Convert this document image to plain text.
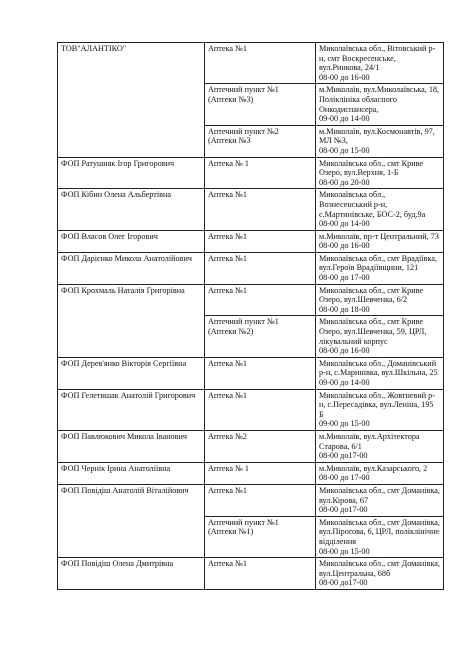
ТОВ"АЛАНТІКО"	Аптека №1	Миколаївська обл., Вітовський р-н, смт Воскресенське,
вул.Ринкова, 24/1
08-00 до 16-00
	Аптечний пункт №1
(Аптеки №3)	м.Миколаїв, вул.Миколаївська, 18, Поліклініка обласного Онкодиспансера,
09-00 до 14-00
	Аптечний пункт №2
(Аптеки №3	м.Миколаїв, вул.Космонавтів, 97, МЛ №3,
08-00 до 15-00
ФОП Ратушняк Ігор Григорович	Аптека № 1	Миколаївська обл., смт Криве Озеро, вул.Верхня, 1-Б
08-00 до 20-00
ФОП Кібин Олена Альбертівна	Аптека №1	Миколаївська обл., Вознесенський р-н, с.Мартинівське, БОС-2, буд.9а
08-00 до 14-00
ФОП Власов Олег Ігорович	Аптека №1	м.Миколаїв, пр-т Центральний, 73
08-00 до 16-00
ФОП Дарієнко Микола Анатолійович	Аптека №1	Миколаївська обл., смт Врадіївка, вул.Героїв Врадіївщини, 121
08-00 до 17-00
ФОП Крохмаль Наталія Григорівна	Аптека №1	Миколаївська обл., смт Криве Озеро, вул.Шевченка, 6/2
08-00 до 18-00
	Аптечний пункт №1
(Аптеки №2)	Миколаївська обл., смт Криве Озеро, вул.Шевченка, 59, ЦРЛ, лікувальний корпус
08-00 до 16-00
ФОП Дерев'янко Вікторія Сергіївна	Аптека №1	Миколаївська обл., Доманівський р-н, с.Маринівка, вул.Шкільна, 25
09-00 до 14-00
ФОП Гелетишак Анатолій Григорович	Аптека №1	Миколаївська обл., Жовтневий р-н, с.Пересадівка, вул.Леніна, 195 Б
09-00 до 15-00
ФОП Павлюкович Микола Іванович	Аптека №2	м.Миколаїв, вул.Архітектора Старова, 6/1
08-00 до17-00
ФОП Чернік Ірина Анатоліївна	Аптека № 1	м.Миколаїв, вул.Казарського, 2
08-00 до 17-00
ФОП Повідіш Анатолій Віталійович	Аптека №1	Миколаївська обл., смт Доманівка, вул.Кірова, 67
08-00 до17-00
	Аптечний пункт №1
(Аптеки №1)	Миколаївська обл., смт Доманівка, вул.Пірогова, 6, ЦРЛ, поліклінічне відділення
08-00 до 15-00
ФОП Повідіш Олена Дмитрівна	Аптека №1	Миколаївська обл., смт Доманівка, вул.Центральна, 68б
08-00 до17-00
